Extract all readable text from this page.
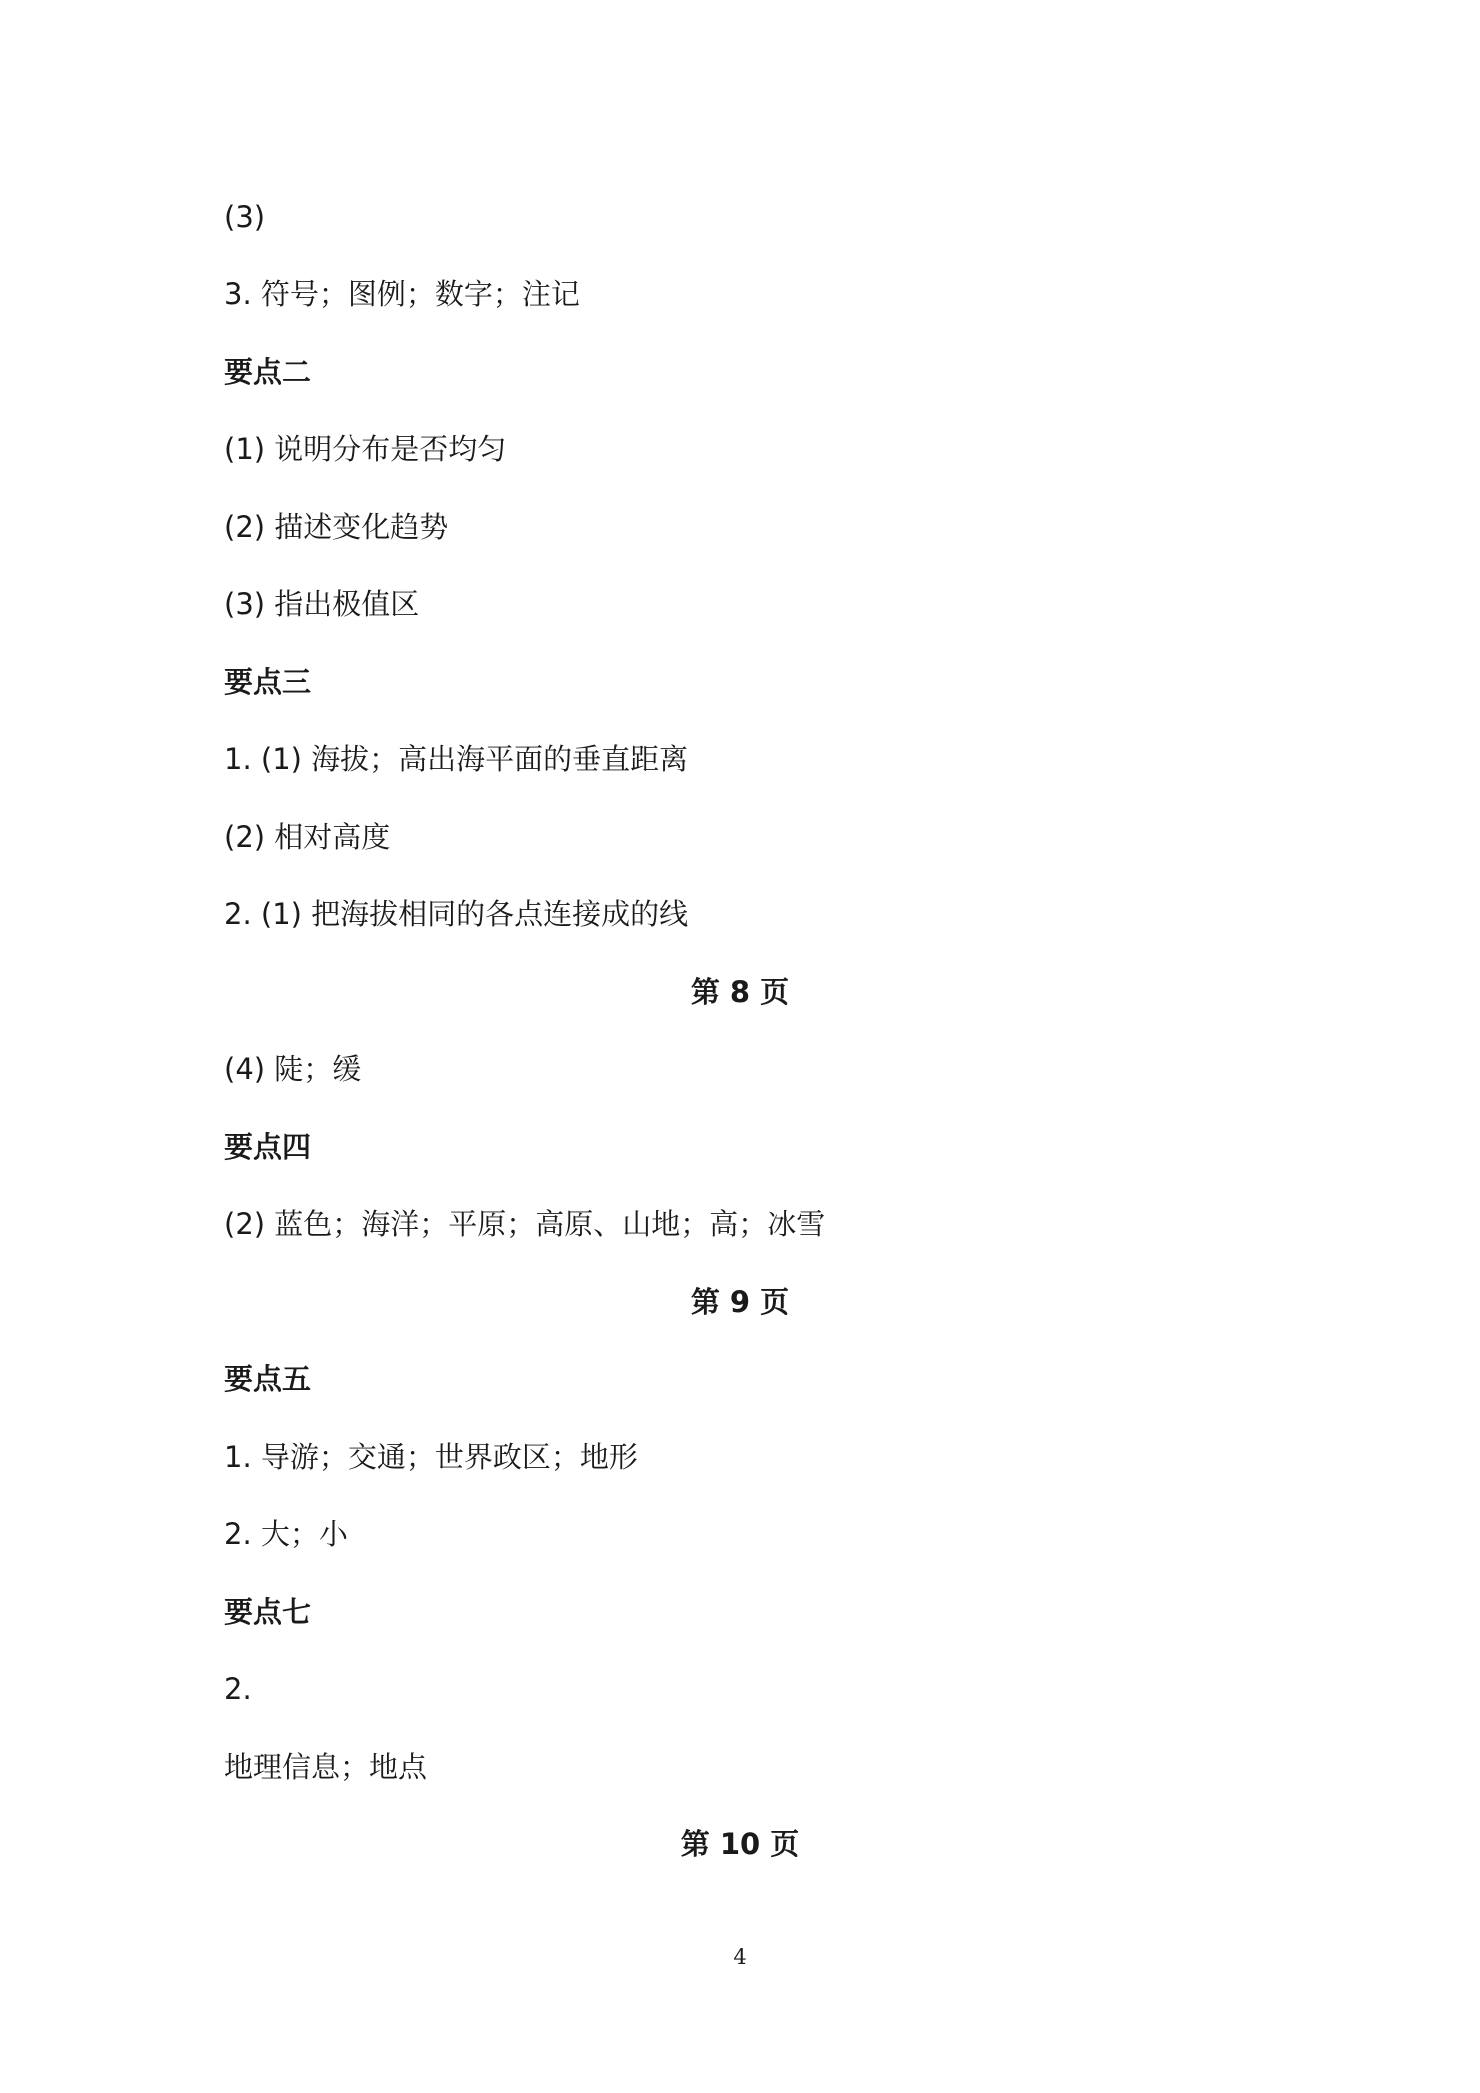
(3)
3. 符号；图例；数字；注记
要点二
(1) 说明分布是否均匀
(2) 描述变化趋势
(3) 指出极值区
要点三
1. (1) 海拔；高出海平面的垂直距离
(2) 相对高度
2. (1) 把海拔相同的各点连接成的线
第 8 页
(4) 陡；缓
要点四
(2) 蓝色；海洋；平原；高原、山地；高；冰雪
第 9 页
要点五
1. 导游；交通；世界政区；地形
2. 大；小
要点七
2.
地理信息；地点
第 10 页
4
